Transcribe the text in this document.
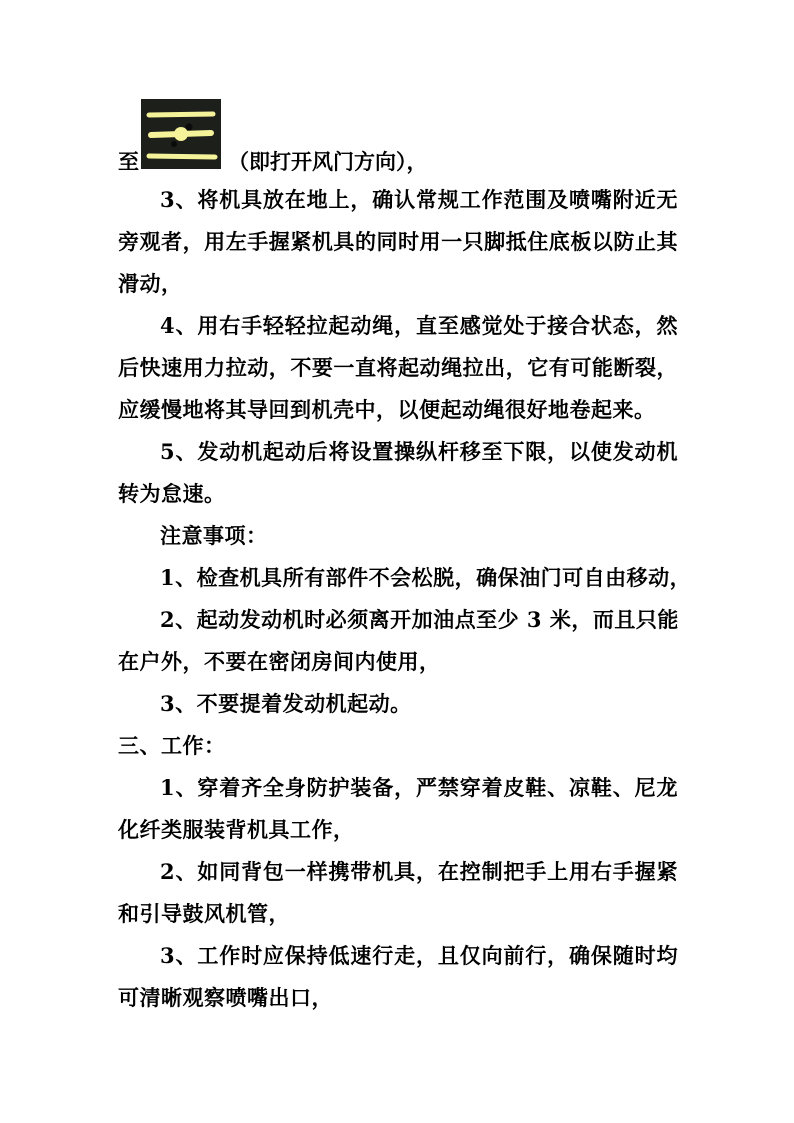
至	（即打开风门方向），
3、将机具放在地上，确认常规工作范围及喷嘴附近无
旁观者，用左手握紧机具的同时用一只脚抵住底板以防止其
滑动，
4、用右手轻轻拉起动绳，直至感觉处于接合状态，然
后快速用力拉动，不要一直将起动绳拉出，它有可能断裂，
应缓慢地将其导回到机壳中，以便起动绳很好地卷起来。
5、发动机起动后将设置操纵杆移至下限，以使发动机
转为怠速。
注意事项：
1、检查机具所有部件不会松脱，确保油门可自由移动，
2、起动发动机时必须离开加油点至少 3 米，而且只能
在户外，不要在密闭房间内使用，
3、不要提着发动机起动。
三、工作：
1、穿着齐全身防护装备，严禁穿着皮鞋、凉鞋、尼龙
化纤类服装背机具工作，
2、如同背包一样携带机具，在控制把手上用右手握紧
和引导鼓风机管，
3、工作时应保持低速行走，且仅向前行，确保随时均
可清晰观察喷嘴出口，
